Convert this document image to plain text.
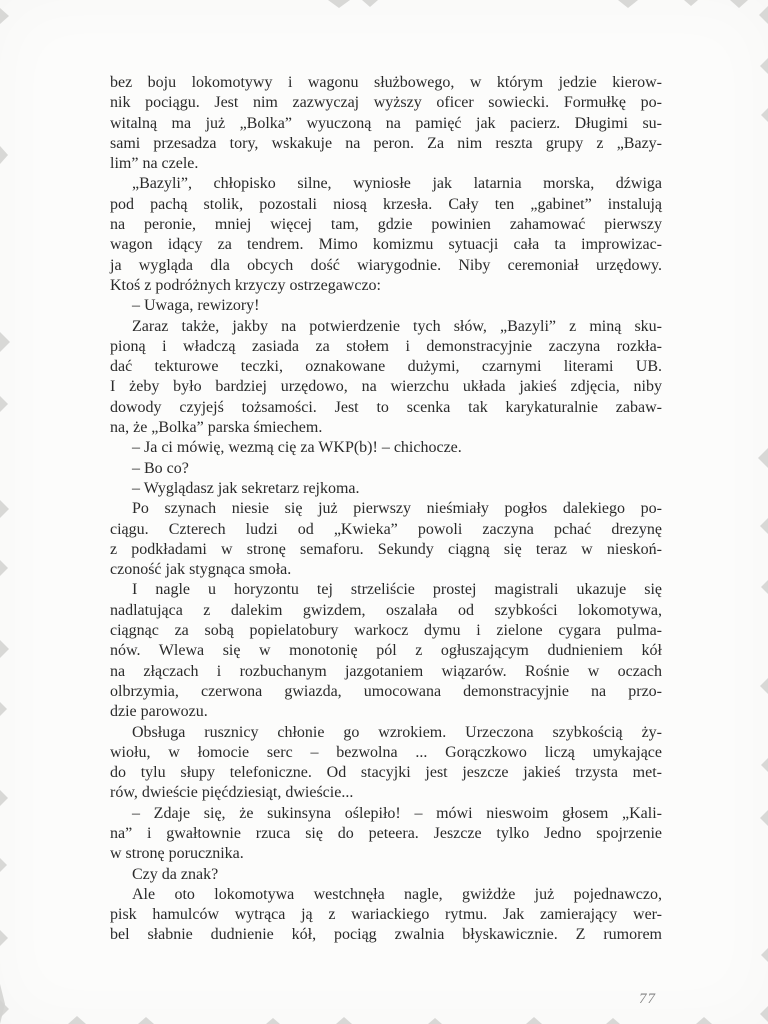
bez boju lokomotywy i wagonu służbowego, w którym jedzie kierow-
nik pociągu. Jest nim zazwyczaj wyższy oficer sowiecki. Formułkę po-
witalną ma już „Bolka” wyuczoną na pamięć jak pacierz. Długimi su-
sami przesadza tory, wskakuje na peron. Za nim reszta grupy z „Bazy-
lim” na czele.
„Bazyli”, chłopisko silne, wyniosłe jak latarnia morska, dźwiga
pod pachą stolik, pozostali niosą krzesła. Cały ten „gabinet” instalują
na peronie, mniej więcej tam, gdzie powinien zahamować pierwszy
wagon idący za tendrem. Mimo komizmu sytuacji cała ta improwizac-
ja wygląda dla obcych dość wiarygodnie. Niby ceremoniał urzędowy.
Ktoś z podróżnych krzyczy ostrzegawczo:
– Uwaga, rewizory!
Zaraz także, jakby na potwierdzenie tych słów, „Bazyli” z miną sku-
pioną i władczą zasiada za stołem i demonstracyjnie zaczyna rozkła-
dać tekturowe teczki, oznakowane dużymi, czarnymi literami UB.
I żeby było bardziej urzędowo, na wierzchu układa jakieś zdjęcia, niby
dowody czyjejś tożsamości. Jest to scenka tak karykaturalnie zabaw-
na, że „Bolka” parska śmiechem.
– Ja ci mówię, wezmą cię za WKP(b)! – chichocze.
– Bo co?
– Wyglądasz jak sekretarz rejkoma.
Po szynach niesie się już pierwszy nieśmiały pogłos dalekiego po-
ciągu. Czterech ludzi od „Kwieka” powoli zaczyna pchać drezynę
z podkładami w stronę semaforu. Sekundy ciągną się teraz w nieskoń-
czoność jak stygnąca smoła.
I nagle u horyzontu tej strzeliście prostej magistrali ukazuje się
nadlatująca z dalekim gwizdem, oszalała od szybkości lokomotywa,
ciągnąc za sobą popielatobury warkocz dymu i zielone cygara pulma-
nów. Wlewa się w monotonię pól z ogłuszającym dudnieniem kół
na złączach i rozbuchanym jazgotaniem wiązarów. Rośnie w oczach
olbrzymia, czerwona gwiazda, umocowana demonstracyjnie na przo-
dzie parowozu.
Obsługa rusznicy chłonie go wzrokiem. Urzeczona szybkością ży-
wiołu, w łomocie serc – bezwolna ... Gorączkowo liczą umykające
do tylu słupy telefoniczne. Od stacyjki jest jeszcze jakieś trzysta met-
rów, dwieście pięćdziesiąt, dwieście...
– Zdaje się, że sukinsyna oślepiło! – mówi nieswoim głosem „Kali-
na” i gwałtownie rzuca się do peteera. Jeszcze tylko Jedno spojrzenie
w stronę porucznika.
Czy da znak?
Ale oto lokomotywa westchnęła nagle, gwiżdże już pojednawczo,
pisk hamulców wytrąca ją z wariackiego rytmu. Jak zamierający wer-
bel słabnie dudnienie kół, pociąg zwalnia błyskawicznie. Z rumorem
77
